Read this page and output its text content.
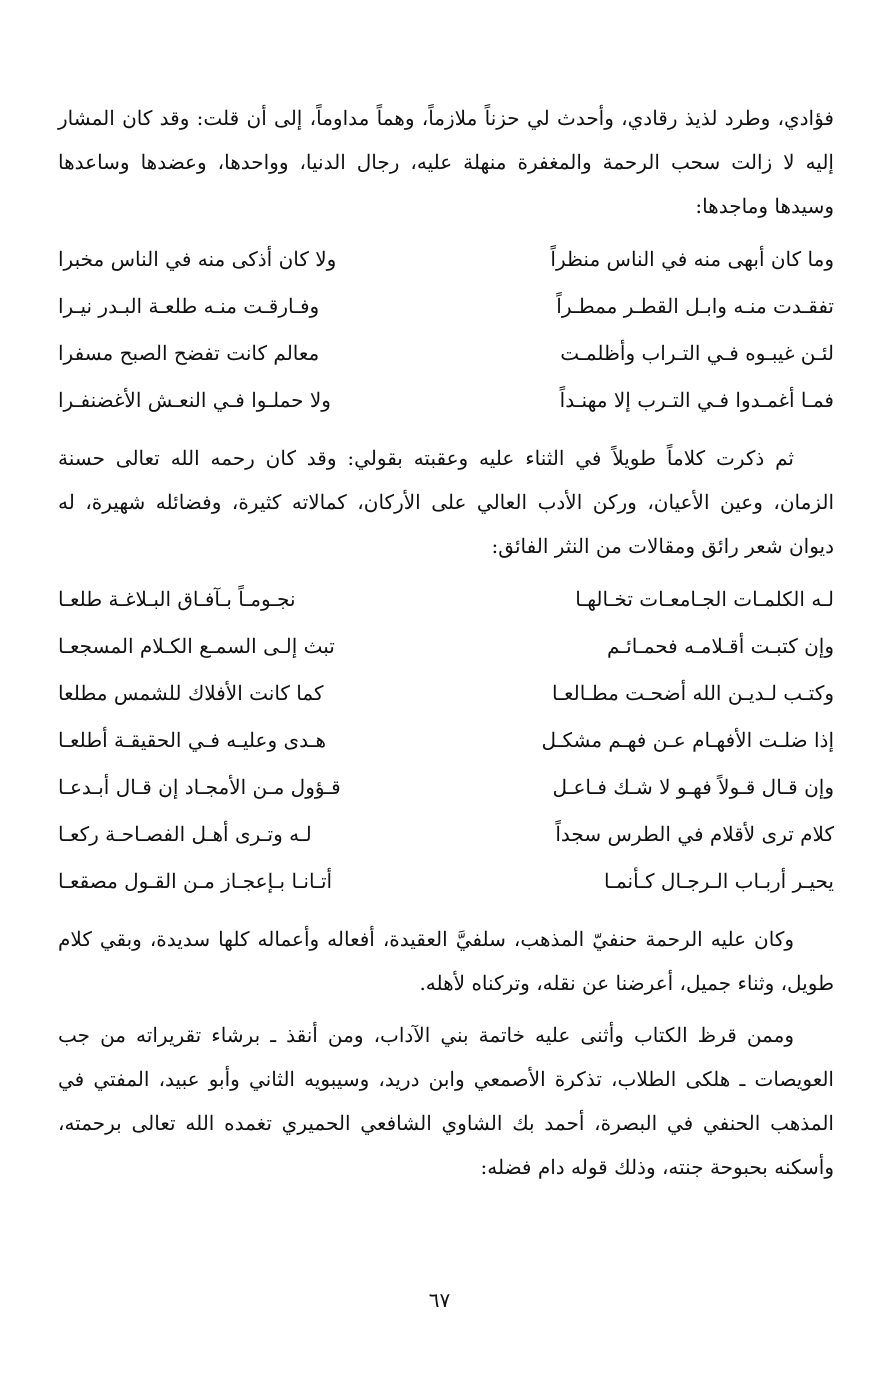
فؤادي، وطرد لذيذ رقادي، وأحدث لي حزناً ملازماً، وهماً مداوماً، إلى أن قلت: وقد كان المشار إليه لا زالت سحب الرحمة والمغفرة منهلة عليه، رجال الدنيا، وواحدها، وعضدها وساعدها وسيدها وماجدها:

وما كان أبهى منه في الناس منظراً
ولا كان أذكى منه في الناس مخبرا
تفقـدت منـه وابـل القطـر ممطـراً
وفـارقـت منـه طلعـة البـدر نيـرا
لئـن غيبـوه فـي التـراب وأظلمـت
معالم كانت تفضح الصبح مسفرا
فمـا أغمـدوا فـي التـرب إلا مهنـداً
ولا حملـوا فـي النعـش الأغضنفـرا

ثم ذكرت كلاماً طويلاً في الثناء عليه وعقبته بقولي: وقد كان رحمه الله تعالى حسنة الزمان، وعين الأعيان، وركن الأدب العالي على الأركان، كمالاته كثيرة، وفضائله شهيرة، له ديوان شعر رائق ومقالات من النثر الفائق:

لـه الكلمـات الجـامعـات تخـالهـا
نجـومـاً بـآفـاق البـلاغـة طلعـا
وإن كتبـت أقـلامـه فحمـائـم
تبث إلـى السمـع الكـلام المسجعـا
وكتـب لـديـن الله أضحـت مطـالعـا
كما كانت الأفلاك للشمس مطلعا
إذا ضلـت الأفهـام عـن فهـم مشكـل
هـدى وعليـه فـي الحقيقـة أطلعـا
وإن قـال قـولاً فهـو لا شـك فـاعـل
قـؤول مـن الأمجـاد إن قـال أبـدعـا
كلام ترى لأقلام في الطرس سجداً
لـه وتـرى أهـل الفصـاحـة ركعـا
يحيـر أربـاب الـرجـال كـأنمـا
أتـانـا بـإعجـاز مـن القـول مصقعـا

وكان عليه الرحمة حنفيّ المذهب، سلفيَّ العقيدة، أفعاله وأعماله كلها سديدة، وبقي كلام طويل، وثناء جميل، أعرضنا عن نقله، وتركناه لأهله.

وممن قرظ الكتاب وأثنى عليه خاتمة بني الآداب، ومن أنقذ ـ برشاء تقريراته من جب العويصات ـ هلكى الطلاب، تذكرة الأصمعي وابن دريد، وسيبويه الثاني وأبو عبيد، المفتي في المذهب الحنفي في البصرة، أحمد بك الشاوي الشافعي الحميري تغمده الله تعالى برحمته، وأسكنه بحبوحة جنته، وذلك قوله دام فضله:

٦٧
